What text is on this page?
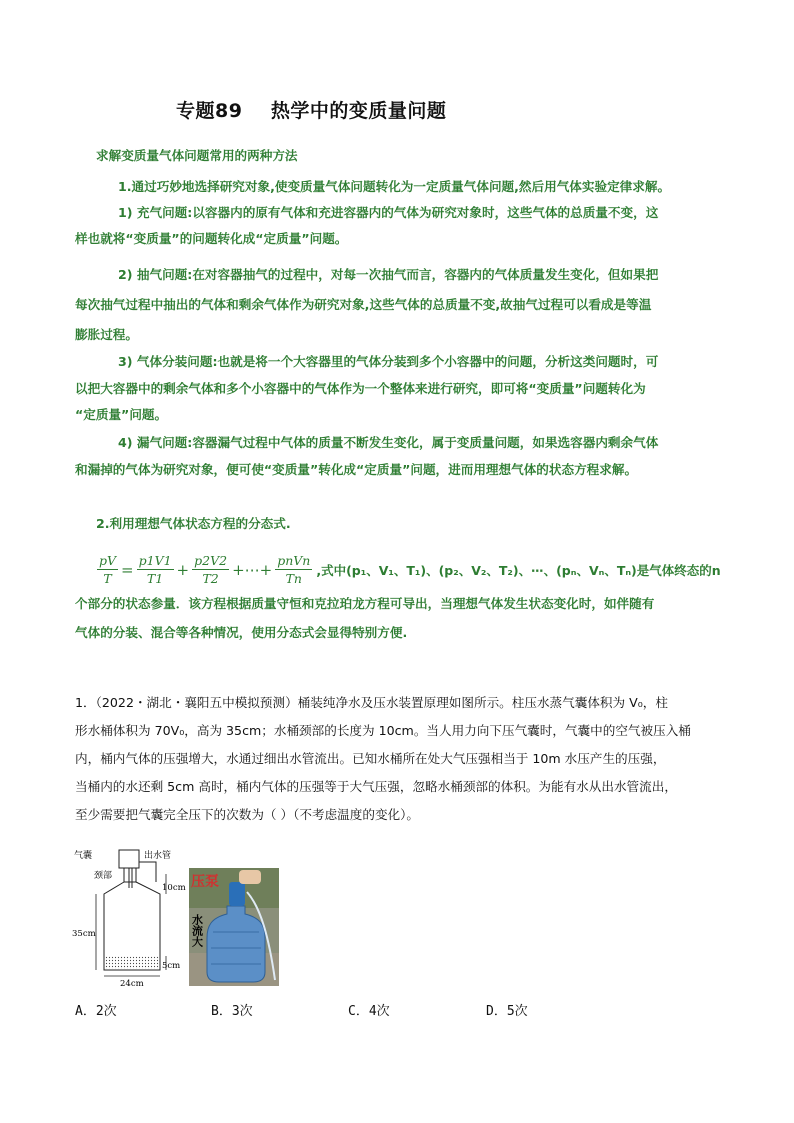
专题89    热学中的变质量问题
求解变质量气体问题常用的两种方法
1.通过巧妙地选择研究对象,使变质量气体问题转化为一定质量气体问题,然后用气体实验定律求解。
1) 充气问题:以容器内的原有气体和充进容器内的气体为研究对象时，这些气体的总质量不变，这
样也就将“变质量”的问题转化成“定质量”问题。
2) 抽气问题:在对容器抽气的过程中，对每一次抽气而言，容器内的气体质量发生变化，但如果把
每次抽气过程中抽出的气体和剩余气体作为研究对象,这些气体的总质量不变,故抽气过程可以看成是等温
膨胀过程。
3) 气体分装问题:也就是将一个大容器里的气体分装到多个小容器中的问题，分析这类问题时，可
以把大容器中的剩余气体和多个小容器中的气体作为一个整体来进行研究，即可将“变质量”问题转化为
“定质量”问题。
4) 漏气问题:容器漏气过程中气体的质量不断发生变化，属于变质量问题，如果选容器内剩余气体
和漏掉的气体为研究对象，便可使“变质量”转化成“定质量”问题，进而用理想气体的状态方程求解。
2.利用理想气体状态方程的分态式.
$\frac{pV}{T} = \frac{p1V1}{T1} + \frac{p2V2}{T2}$ +⋯+ $\frac{\text{pnVn}}{Tn}$ ,式中(p₁、V₁、T₁)、(p₂、V₂、T₂)、⋯、(pₙ、Vₙ、Tₙ)是气体终态的n
个部分的状态参量．该方程根据质量守恒和克拉珀龙方程可导出，当理想气体发生状态变化时，如伴随有
气体的分装、混合等各种情况，使用分态式会显得特别方便.
1．（2022・湖北・襄阳五中模拟预测）桶装纯净水及压水装置原理如图所示。柱压水蒸气囊体积为 V₀，柱
形水桶体积为 70V₀，高为 35cm；水桶颈部的长度为 10cm。当人用力向下压气囊时，气囊中的空气被压入桶
内，桶内气体的压强增大，水通过细出水管流出。已知水桶所在处大气压强相当于 10m 水压产生的压强，
当桶内的水还剩 5cm 高时，桶内气体的压强等于大气压强，忽略水桶颈部的体积。为能有水从出水管流出，
至少需要把气囊完全压下的次数为（ ）（不考虑温度的变化）。
气囊	出水管
颈部
10cm
35cm
5cm
24cm
压泵
水流大
A．2次	B．3次	C．4次	D．5次
